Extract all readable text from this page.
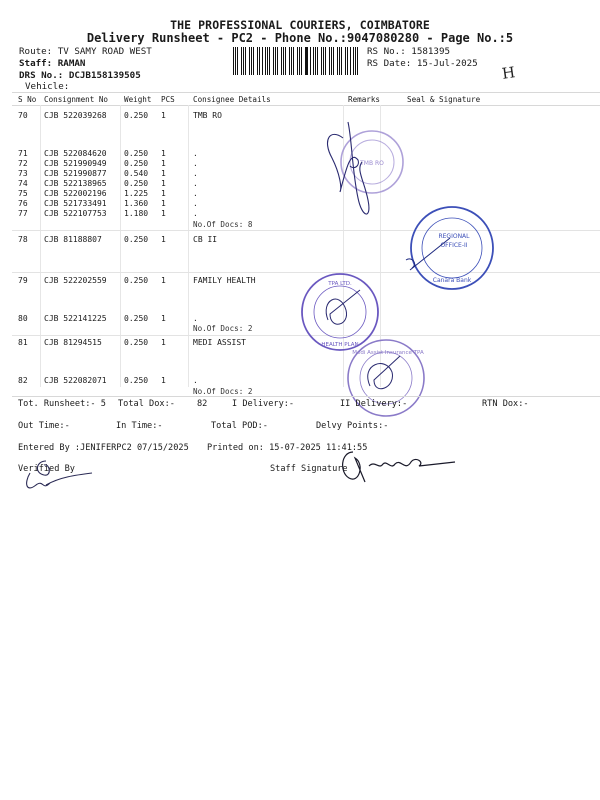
THE PROFESSIONAL COURIERS, COIMBATORE
Delivery Runsheet - PC2 - Phone No.:9047080280 - Page No.:5
Route: TV SAMY ROAD WEST
Staff: RAMAN
DRS No.: DCJB158139505
Vehicle:
RS No.: 1581395
RS Date: 15-Jul-2025 H
S No Consignment No Weight PCS Consignee Details	Remarks	Seal & Signature
70 CJB 522039268 0.250 1	TMB RO
71 CJB 522084620 0.250 1	.
72 CJB 521990949 0.250 1	.
73 CJB 521990877 0.540 1	.
74 CJB 522138965 0.250 1	.
75 CJB 522002196 1.225 1	.
76 CJB 521733491 1.360 1	.
77 CJB 522107753 1.180 1	.
No.Of Docs: 8
78 CJB 81188807	0.250 1	CB II
79 CJB 522202559 0.250 1	FAMILY HEALTH
80 CJB 522141225 0.250 1	.
No.Of Docs: 2
81 CJB 81294515	0.250 1	MEDI ASSIST
82 CJB 522082071 0.250 1	.
No.Of Docs: 2
TMB RO
REGIONAL
OFFICE-II
Canara Bank
TPA LTD.
HEALTH PLAN
Medi Assist Insurance TPA
Tot. Runsheet:- 5 Total Dox:-	82	I Delivery:-	II Delivery:-	RTN Dox:-
Out Time:-	In Time:-	Total POD:-	Delvy Points:-
Entered By :JENIFERPC2 07/15/2025 Printed on: 15-07-2025 11:41:55
Verified By	Staff Signature
